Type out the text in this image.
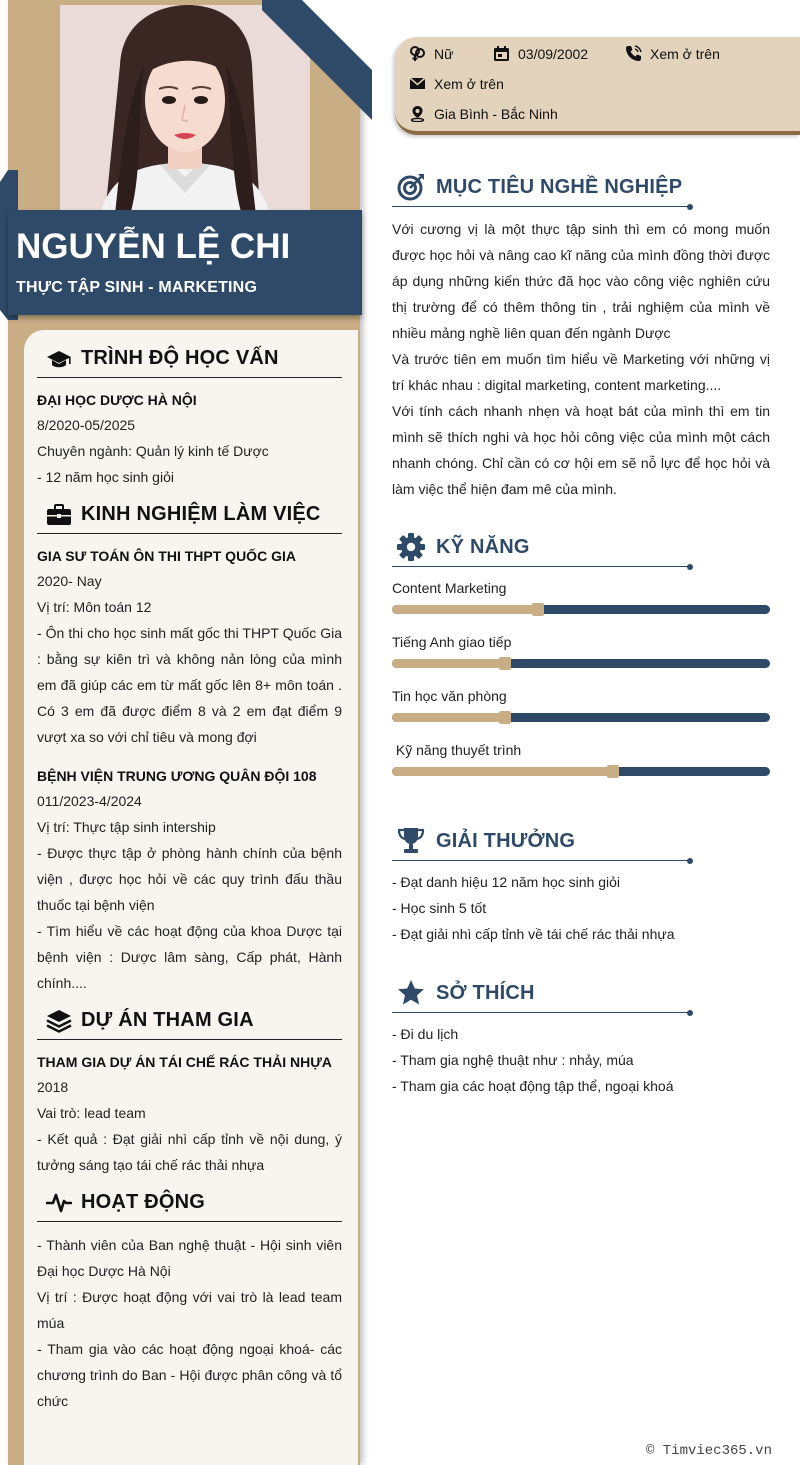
NGUYỄN LỆ CHI
THỰC TẬP SINH - MARKETING
TRÌNH ĐỘ HỌC VẤN
ĐẠI HỌC DƯỢC HÀ NỘI
8/2020-05/2025
Chuyên ngành: Quản lý kinh tế Dược
- 12 năm học sinh giỏi
KINH NGHIỆM LÀM VIỆC
GIA SƯ TOÁN ÔN THI THPT QUỐC GIA
2020- Nay
Vị trí: Môn toán 12
- Ôn thi cho học sinh mất gốc thi THPT Quốc Gia : bằng sự kiên trì và không nản lòng của mình em đã giúp các em từ mất gốc lên 8+ môn toán . Có 3 em đã được điểm 8 và 2 em đạt điểm 9 vượt xa so với chỉ tiêu và mong đợi
BỆNH VIỆN TRUNG ƯƠNG QUÂN ĐỘI 108
011/2023-4/2024
Vị trí: Thực tập sinh intership
- Được thực tập ở phòng hành chính của bệnh viện , được học hỏi về các quy trình đấu thầu thuốc tại bệnh viện
- Tìm hiểu về các hoạt động của khoa Dược tại bệnh viện : Dược lâm sàng, Cấp phát, Hành chính....
DỰ ÁN THAM GIA
THAM GIA DỰ ÁN TÁI CHẾ RÁC THẢI NHỰA
2018
Vai trò: lead team
- Kết quả : Đạt giải nhì cấp tỉnh về nội dung, ý tưởng sáng tạo tái chế rác thải nhựa
HOẠT ĐỘNG
- Thành viên của Ban nghệ thuật - Hội sinh viên Đại học Dược Hà Nội
Vị trí : Được hoạt động với vai trò là lead team múa
- Tham gia vào các hoạt động ngoại khoá- các chương trình do Ban - Hội được phân công và tổ chức
Nữ	03/09/2002	Xem ở trên
Xem ở trên
Gia Bình - Bắc Ninh
MỤC TIÊU NGHỀ NGHIỆP
Với cương vị là một thực tập sinh thì em có mong muốn được học hỏi và nâng cao kĩ năng của mình đồng thời được áp dụng những kiến thức đã học vào công việc nghiên cứu thị trường để có thêm thông tin , trải nghiệm của mình về nhiều mảng nghề liên quan đến ngành Dược
Và trước tiên em muốn tìm hiểu về Marketing với những vị trí khác nhau : digital marketing, content marketing....
Với tính cách nhanh nhẹn và hoạt bát của mình thì em tin mình sẽ thích nghi và học hỏi công việc của mình một cách nhanh chóng. Chỉ cần có cơ hội em sẽ nỗ lực để học hỏi và làm việc thể hiện đam mê của mình.
KỸ NĂNG
Content Marketing
Tiếng Anh giao tiếp
Tin học văn phòng
Kỹ năng thuyết trình
GIẢI THƯỞNG
- Đạt danh hiệu 12 năm học sinh giỏi
- Học sinh 5 tốt
- Đạt giải nhì cấp tỉnh về tái chế rác thải nhựa
SỞ THÍCH
- Đi du lịch
- Tham gia nghệ thuật như : nhảy, múa
- Tham gia các hoạt động tập thể, ngoại khoá
© Timviec365.vn
